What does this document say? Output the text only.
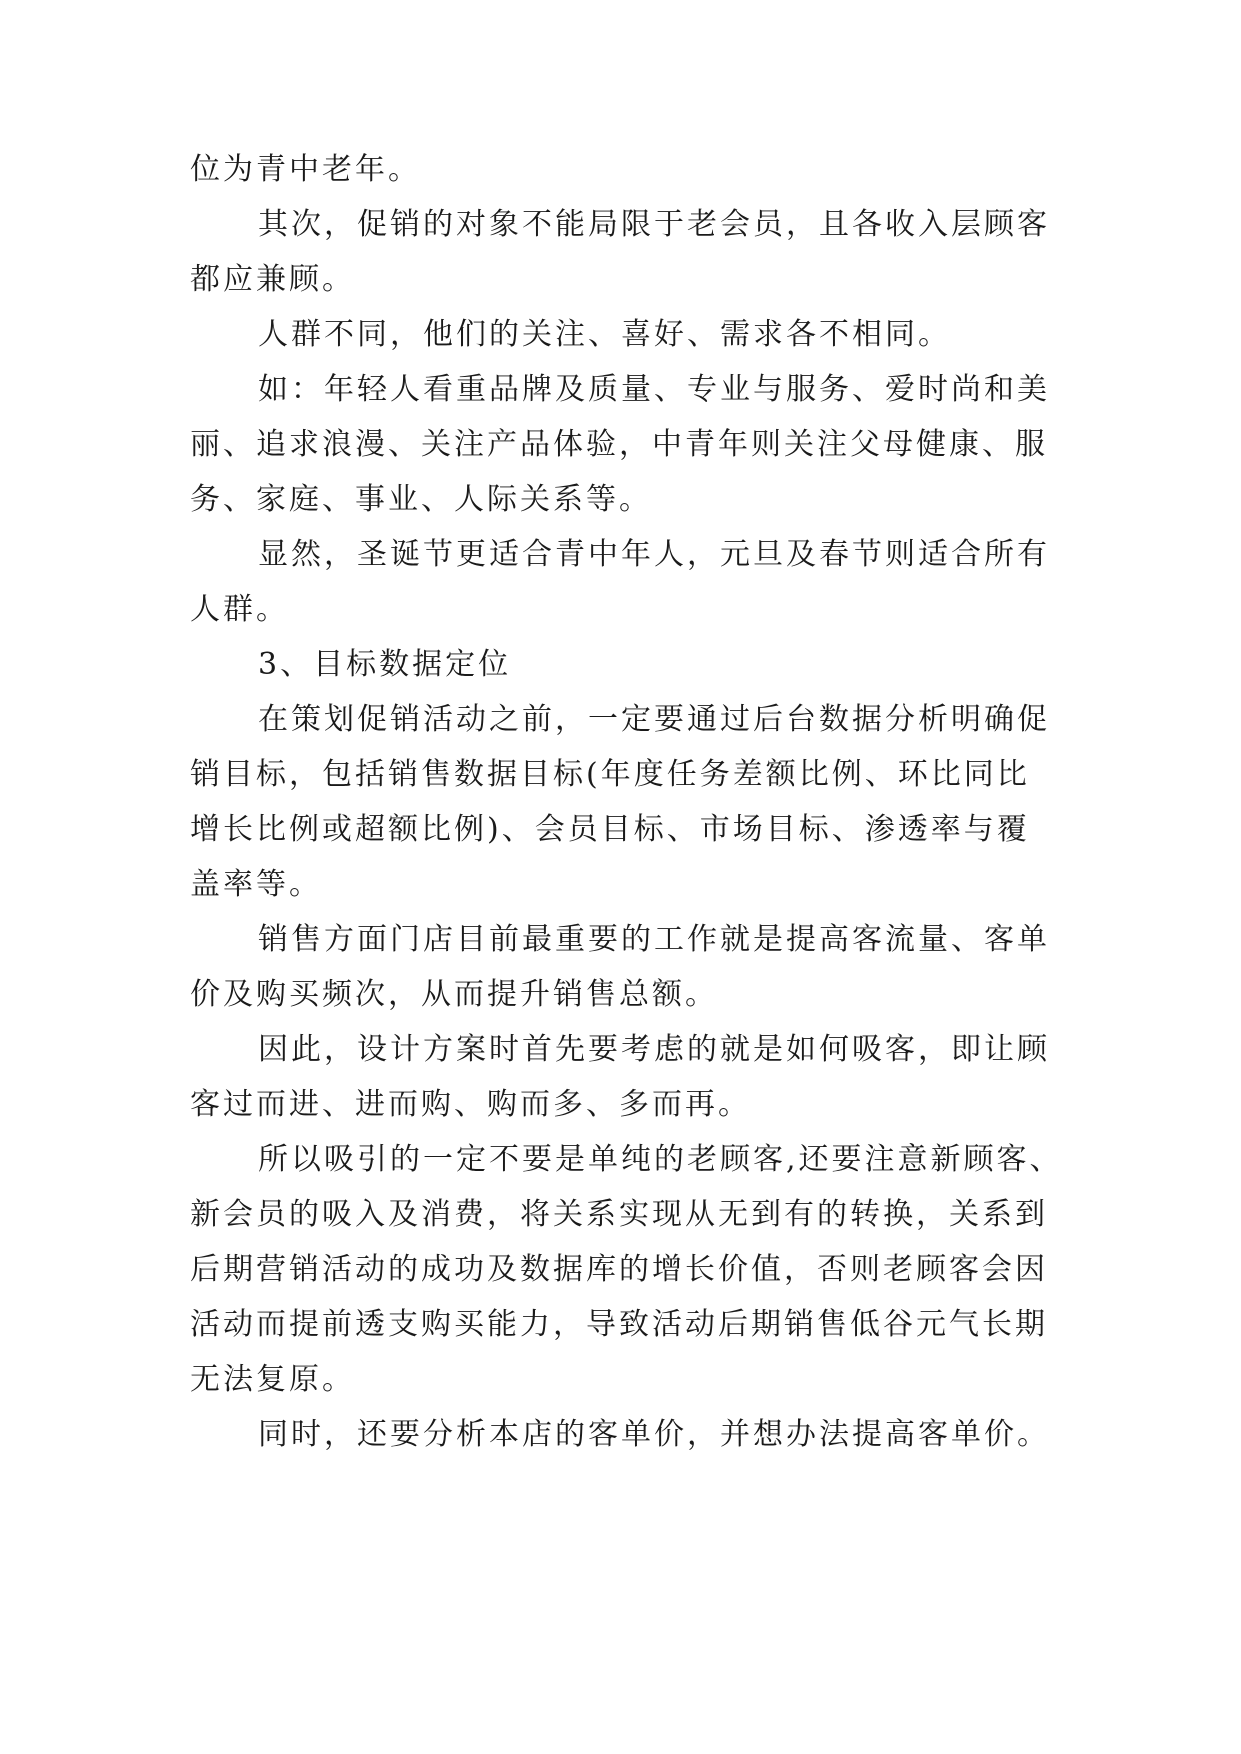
位为青中老年。
其次，促销的对象不能局限于老会员，且各收入层顾客
都应兼顾。
人群不同，他们的关注、喜好、需求各不相同。
如：年轻人看重品牌及质量、专业与服务、爱时尚和美
丽、追求浪漫、关注产品体验，中青年则关注父母健康、服
务、家庭、事业、人际关系等。
显然，圣诞节更适合青中年人，元旦及春节则适合所有
人群。
3、目标数据定位
在策划促销活动之前，一定要通过后台数据分析明确促
销目标，包括销售数据目标(年度任务差额比例、环比同比
增长比例或超额比例)、会员目标、市场目标、渗透率与覆
盖率等。
销售方面门店目前最重要的工作就是提高客流量、客单
价及购买频次，从而提升销售总额。
因此，设计方案时首先要考虑的就是如何吸客，即让顾
客过而进、进而购、购而多、多而再。
所以吸引的一定不要是单纯的老顾客,还要注意新顾客、
新会员的吸入及消费，将关系实现从无到有的转换，关系到
后期营销活动的成功及数据库的增长价值，否则老顾客会因
活动而提前透支购买能力，导致活动后期销售低谷元气长期
无法复原。
同时，还要分析本店的客单价，并想办法提高客单价。
